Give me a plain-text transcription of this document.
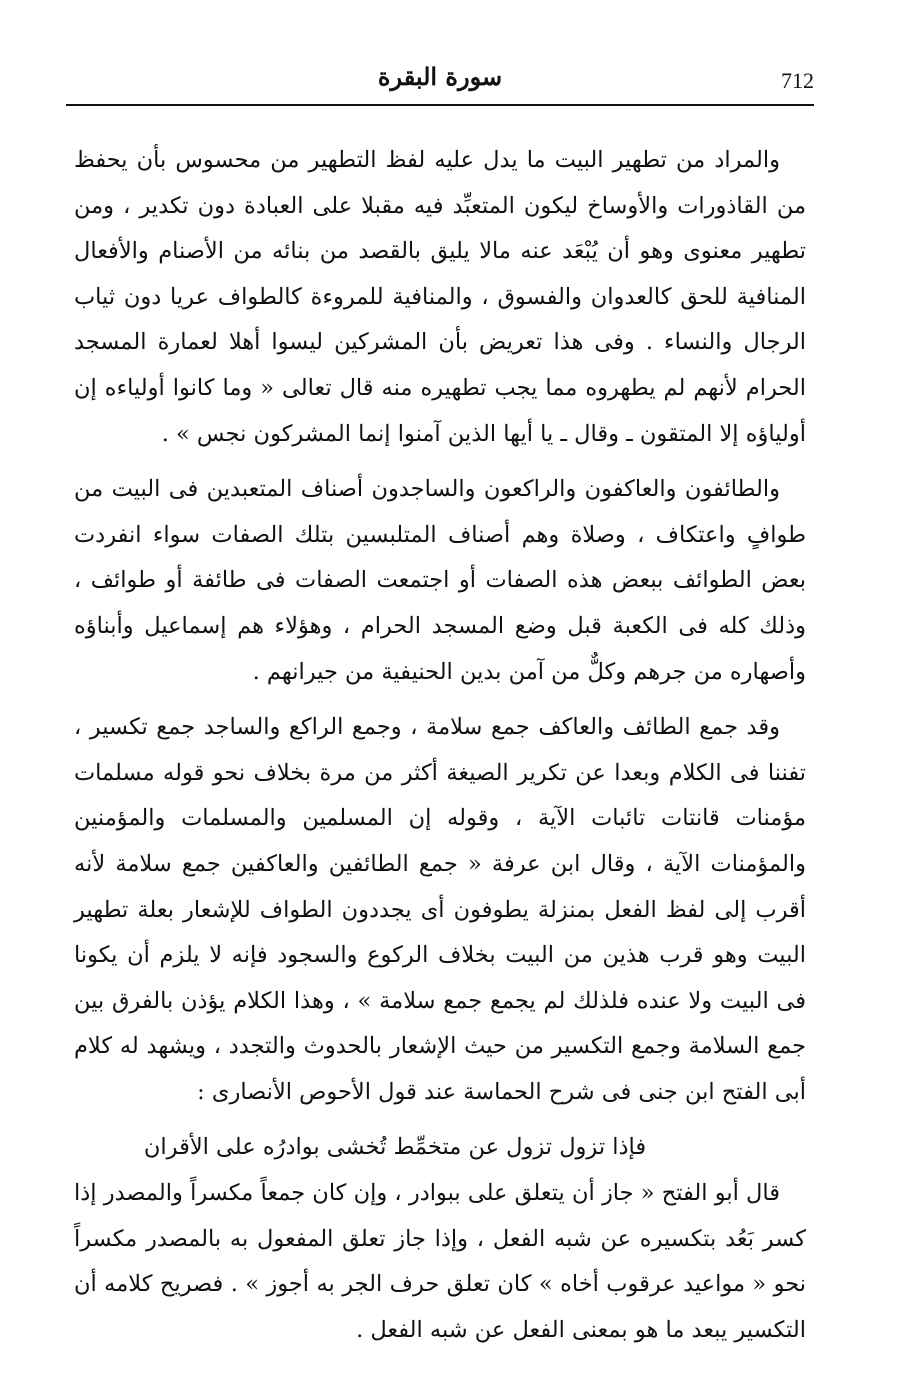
712
سورة البقرة

والمراد من تطهير البيت ما يدل عليه لفظ التطهير من محسوس بأن يحفظ من القاذورات والأوساخ ليكون المتعبِّد فيه مقبلا على العبادة دون تكدير ، ومن تطهير معنوى وهو أن يُبْعَد عنه مالا يليق بالقصد من بنائه من الأصنام والأفعال المنافية للحق كالعدوان والفسوق ، والمنافية للمروءة كالطواف عريا دون ثياب الرجال والنساء . وفى هذا تعريض بأن المشركين ليسوا أهلا لعمارة المسجد الحرام لأنهم لم يطهروه مما يجب تطهيره منه قال تعالى « وما كانوا أولياءه إن أولياؤه إلا المتقون ـ وقال ـ يا أيها الذين آمنوا إنما المشركون نجس » .

والطائفون والعاكفون والراكعون والساجدون أصناف المتعبدين فى البيت من طوافٍ واعتكاف ، وصلاة وهم أصناف المتلبسين بتلك الصفات سواء انفردت بعض الطوائف ببعض هذه الصفات أو اجتمعت الصفات فى طائفة أو طوائف ، وذلك كله فى الكعبة قبل وضع المسجد الحرام ، وهؤلاء هم إسماعيل وأبناؤه وأصهاره من جرهم وكلٌّ من آمن بدين الحنيفية من جيرانهم .

وقد جمع الطائف والعاكف جمع سلامة ، وجمع الراكع والساجد جمع تكسير ، تفننا فى الكلام وبعدا عن تكرير الصيغة أكثر من مرة بخلاف نحو قوله مسلمات مؤمنات قانتات تائبات الآية ، وقوله إن المسلمين والمسلمات والمؤمنين والمؤمنات الآية ، وقال ابن عرفة « جمع الطائفين والعاكفين جمع سلامة لأنه أقرب إلى لفظ الفعل بمنزلة يطوفون أى يجددون الطواف للإشعار بعلة تطهير البيت وهو قرب هذين من البيت بخلاف الركوع والسجود فإنه لا يلزم أن يكونا فى البيت ولا عنده فلذلك لم يجمع جمع سلامة » ، وهذا الكلام يؤذن بالفرق بين جمع السلامة وجمع التكسير من حيث الإشعار بالحدوث والتجدد ، ويشهد له كلام أبى الفتح ابن جنى فى شرح الحماسة عند قول الأحوص الأنصارى :

فإذا تزول تزول عن متخمِّط تُخشى بوادرُه على الأقران

قال أبو الفتح « جاز أن يتعلق على ببوادر ، وإن كان جمعاً مكسراً والمصدر إذا كسر بَعُد بتكسيره عن شبه الفعل ، وإذا جاز تعلق المفعول به بالمصدر مكسراً نحو « مواعيد عرقوب أخاه » كان تعلق حرف الجر به أجوز » . فصريح كلامه أن التكسير يبعد ما هو بمعنى الفعل عن شبه الفعل .
